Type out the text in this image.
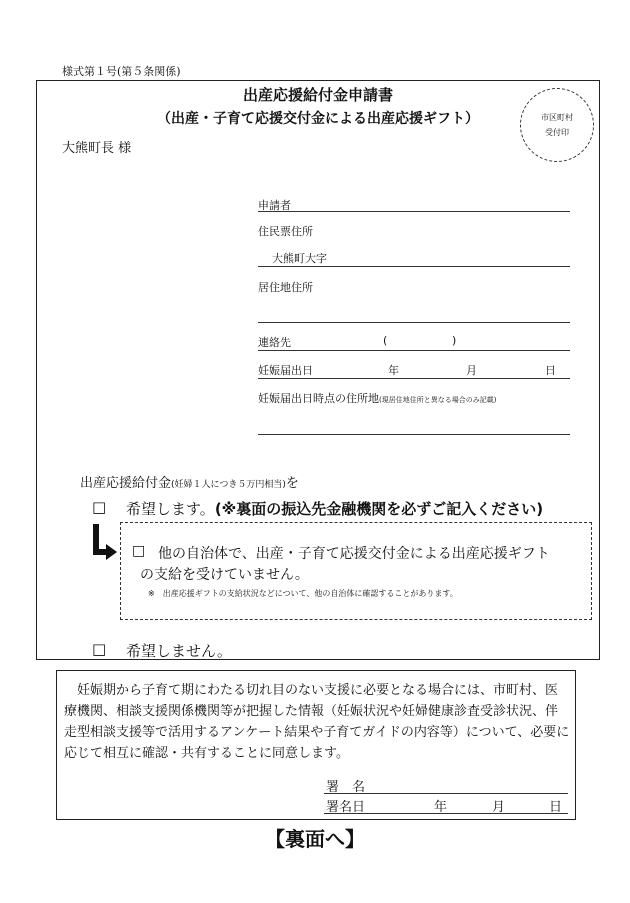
様式第１号(第５条関係)
出産応援給付金申請書
（出産・子育て応援交付金による出産応援ギフト）	市区町村
受付印
大熊町長 様
申請者
住民票住所
大熊町大字
居住地住所
連絡先	(	)
妊娠届出日	年	月	日
妊娠届出日時点の住所地(現居住地住所と異なる場合のみ記載)
出産応援給付金(妊婦１人につき５万円相当)を
□ 希望します。(※裏面の振込先金融機関を必ずご記入ください)
□ 他の自治体で、出産・子育て応援交付金による出産応援ギフト
の支給を受けていません。
※　出産応援ギフトの支給状況などについて、他の自治体に確認することがあります。
□ 希望しません。
妊娠期から子育て期にわたる切れ目のない支援に必要となる場合には、市町村、医療機関、相談支援関係機関等が把握した情報（妊娠状況や妊婦健康診査受診状況、伴走型相談支援等で活用するアンケート結果や子育てガイドの内容等）について、必要に応じて相互に確認・共有することに同意します。
署　名
署名日	年	月	日
【裏面へ】
